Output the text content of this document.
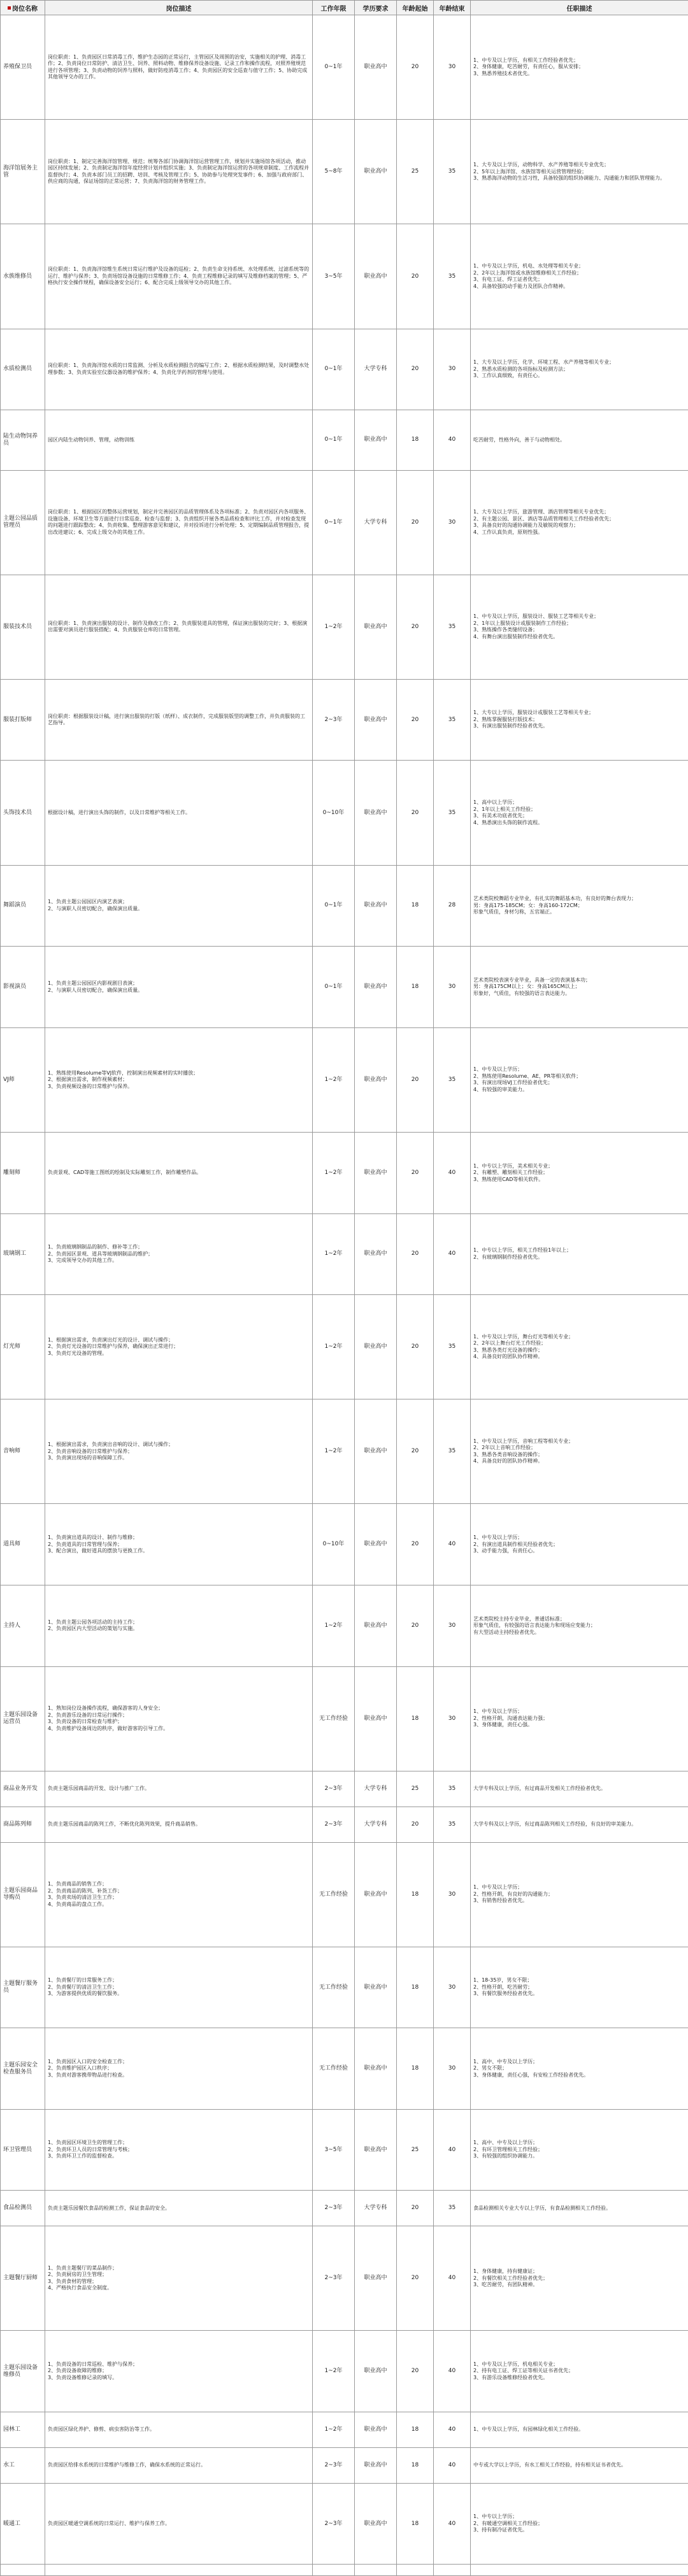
岗位名称	岗位描述	工作年限	学历要求	年龄起始	年龄结束	任职描述
养殖保卫员	岗位职责：1、负责园区日常消毒工作，维护生态园的正常运行，主管园区及周围的治安，实施相关的护理、消毒工作；2、负责岗位日常防护、清洁卫生、饲养、照料动物、维修保养设备设施、记录工作和操作流程，对照养殖规范进行各项管理；3、负责动物的饲养与照料，做好防疫消毒工作；4、负责园区的安全巡查与值守工作；5、协助完成其他领导交办的工作。	0~1年	职业高中	20	30	1、中专及以上学历，有相关工作经验者优先；
2、身体健康，吃苦耐劳，有责任心，服从安排；
3、熟悉养殖技术者优先。
海洋馆展务主管	岗位职责：1、制定完善海洋馆管理、规范；统筹各部门协调海洋馆运营管理工作，规划并实施场馆各项活动，推动园区持续发展；2、负责制定海洋馆年度经营计划并组织实施；3、负责制定海洋馆运营的各项规章制度、工作流程并监督执行；4、负责本部门员工的招聘、培训、考核及管理工作；5、协助参与处理突发事件；6、加强与政府部门、供应商的沟通，保证场馆的正常运营；7、负责海洋馆的财务管理工作。	5~8年	职业高中	25	35	1、大专及以上学历，动物科学、水产养殖等相关专业优先；
2、5年以上海洋馆、水族馆等相关运营管理经验；
3、熟悉海洋动物的生活习性，具备较强的组织协调能力、沟通能力和团队管理能力。
水族维修员	岗位职责：1、负责海洋馆维生系统日常运行维护及设备的巡检；2、负责生命支持系统、水处理系统、过滤系统等的运行、维护与保养；3、负责场馆设备设施的日常维修工作；4、负责工程维修记录的填写及维修档案的管理；5、严格执行安全操作规程，确保设备安全运行；6、配合完成上级领导交办的其他工作。	3~5年	职业高中	20	35	1、中专及以上学历，机电、水处理等相关专业；
2、2年以上海洋馆或水族馆维修相关工作经验；
3、有电工证、焊工证者优先；
4、具备较强的动手能力及团队合作精神。
水质检测员	岗位职责：1、负责海洋馆水质的日常监测、分析及水质检测报告的编写工作；2、根据水质检测结果，及时调整水处理参数；3、负责实验室仪器设备的维护保养；4、负责化学药剂的管理与使用。	0~1年	大学专科	20	30	1、大专及以上学历，化学、环境工程、水产养殖等相关专业；
2、熟悉水质检测的各项指标及检测方法；
3、工作认真细致，有责任心。
陆生动物饲养员	园区内陆生动物饲养、管理，动物训练	0~1年	职业高中	18	40	吃苦耐劳，性格外向，善于与动物相处。
主题公园品质管理员	岗位职责：1、根据园区的整体运营规划，制定并完善园区的品质管理体系及各项标准；2、负责对园区内各项服务、设施设备、环境卫生等方面进行日常巡查、检查与监督；3、负责组织开展各类品质检查和评比工作，并对检查发现的问题进行跟踪整改；4、负责收集、整理游客意见和建议，并对投诉进行分析处理；5、定期编制品质管理报告，提出改进建议；6、完成上级交办的其他工作。	0~1年	大学专科	20	30	1、大专及以上学历，旅游管理、酒店管理等相关专业优先；
2、有主题公园、景区、酒店等品质管理相关工作经验者优先；
3、具备良好的沟通协调能力及敏锐的观察力；
4、工作认真负责，原则性强。
服装技术员	岗位职责：1、负责演出服装的设计、制作及修改工作；2、负责服装道具的管理，保证演出服装的完好；3、根据演出需要对演员进行服装搭配；4、负责服装仓库的日常管理。	1~2年	职业高中	20	35	1、中专及以上学历，服装设计、服装工艺等相关专业；
2、1年以上服装设计或服装制作工作经验；
3、熟练操作各类缝纫设备；
4、有舞台演出服装制作经验者优先。
服装打版师	岗位职责：根据服装设计稿，进行演出服装的打版（纸样）、成衣制作，完成服装版型的调整工作，并负责服装的工艺指导。	2~3年	职业高中	20	35	1、大专以上学历，服装设计或服装工艺等相关专业；
2、熟练掌握服装打版技术；
3、有演出服装制作经验者优先。
头饰技术员	根据设计稿，进行演出头饰的制作，以及日常维护等相关工作。	0~10年	职业高中	20	35	1、高中以上学历；
2、1年以上相关工作经验；
3、有美术功底者优先；
4、熟悉演出头饰的制作流程。
舞蹈演员	1、负责主题公园园区内演艺表演；
2、与演职人员密切配合，确保演出质量。	0~1年	职业高中	18	28	艺术类院校舞蹈专业毕业，有扎实的舞蹈基本功，有良好的舞台表现力；
男：身高175-185CM；女：身高160-172CM；
形象气质佳，身材匀称，五官端正。
影视演员	1、负责主题公园园区内影视剧目表演；
2、与演职人员密切配合，确保演出质量。	0~1年	职业高中	18	30	艺术类院校表演专业毕业，具备一定的表演基本功；
男：身高175CM以上；女：身高165CM以上；
形象好，气质佳，有较强的语言表达能力。
VJ师	1、熟练使用Resolume等VJ软件，控制演出视频素材的实时播放；
2、根据演出需求，制作视频素材；
3、负责视频设备的日常维护与保养。	1~2年	职业高中	20	35	1、中专及以上学历；
2、熟练使用Resolume、AE、PR等相关软件；
3、有演出现场VJ工作经验者优先；
4、有较强的审美能力。
雕刻师	负责景观、CAD等施工图纸的绘制及实际雕刻工作，制作雕塑作品。	1~2年	职业高中	20	40	1、中专以上学历，美术相关专业；
2、有雕塑、雕刻相关工作经验；
3、熟练使用CAD等相关软件。
玻璃钢工	1、负责玻璃钢制品的制作、修补等工作；
2、负责园区景观、道具等玻璃钢制品的维护；
3、完成领导交办的其他工作。	1~2年	职业高中	20	40	1、中专以上学历，相关工作经验1年以上；
2、有玻璃钢制作经验者优先。
灯光师	1、根据演出需求，负责演出灯光的设计、调试与操作；
2、负责灯光设备的日常维护与保养，确保演出正常进行；
3、负责灯光设备的管理。	1~2年	职业高中	20	35	1、中专及以上学历，舞台灯光等相关专业；
2、2年以上舞台灯光工作经验；
3、熟悉各类灯光设备的操作；
4、具备良好的团队协作精神。
音响师	1、根据演出需求，负责演出音响的设计、调试与操作；
2、负责音响设备的日常维护与保养；
3、负责演出现场的音响保障工作。	1~2年	职业高中	20	35	1、中专及以上学历，音响工程等相关专业；
2、2年以上音响工作经验；
3、熟悉各类音响设备的操作；
4、具备良好的团队协作精神。
道具师	1、负责演出道具的设计、制作与维修；
2、负责道具的日常管理与保养；
3、配合演出，做好道具的摆放与更换工作。	0~10年	职业高中	20	40	1、中专及以上学历；
2、有演出道具制作相关经验者优先；
3、动手能力强，有责任心。
主持人	1、负责主题公园各项活动的主持工作；
2、负责园区内大型活动的策划与实施。	1~2年	职业高中	20	30	艺术类院校主持专业毕业，普通话标准；
形象气质佳，有较强的语言表达能力和现场应变能力；
有大型活动主持经验者优先。
主题乐园设备运营员	1、熟知岗位设备操作流程，确保游客的人身安全；
2、负责游乐设备的日常运行操作；
3、负责设备的日常检查与维护；
4、负责维护设备周边的秩序，做好游客的引导工作。	无工作经验	职业高中	18	30	1、中专及以上学历；
2、性格开朗，沟通表达能力强；
3、身体健康，责任心强。
商品业务开发	负责主题乐园商品的开发、设计与推广工作。	2~3年	大学专科	25	35	大学专科及以上学历，有过商品开发相关工作经验者优先。
商品陈列师	负责主题乐园商品的陈列工作，不断优化陈列效果，提升商品销售。	2~3年	大学专科	20	35	大学专科及以上学历，有过商品陈列相关工作经验，有良好的审美能力。
主题乐园商品导购员	1、负责商品的销售工作；
2、负责商品的陈列、补货工作；
3、负责卖场的清洁卫生工作；
4、负责商品的盘点工作。	无工作经验	职业高中	18	30	1、中专及以上学历；
2、性格开朗，有良好的沟通能力；
3、有销售经验者优先。
主题餐厅服务员	1、负责餐厅的日常服务工作；
2、负责餐厅的清洁卫生工作；
3、为游客提供优质的餐饮服务。	无工作经验	职业高中	18	30	1、18-35岁，男女不限；
2、性格开朗，吃苦耐劳；
3、有餐饮服务经验者优先。
主题乐园安全检查服务员	1、负责园区入口的安全检查工作；
2、负责维护园区入口秩序；
3、负责对游客携带物品进行检查。	无工作经验	职业高中	18	30	1、高中、中专及以上学历；
2、男女不限；
3、身体健康，责任心强，有安检工作经验者优先。
环卫管理员	1、负责园区环境卫生的管理工作；
2、负责环卫人员的日常管理与考核；
3、负责环卫工作的监督检查。	3~5年	职业高中	25	40	1、高中、中专及以上学历；
2、有环卫管理相关工作经验；
3、有较强的组织协调能力。
食品检测员	负责主题乐园餐饮食品的检测工作，保证食品的安全。	2~3年	大学专科	20	35	食品检测相关专业大专以上学历，有食品检测相关工作经验。
主题餐厅厨师	1、负责主题餐厅的菜品制作；
2、负责厨房的卫生管理；
3、负责食材的管理；
4、严格执行食品安全制度。	2~3年	职业高中	20	40	1、身体健康，持有健康证；
2、有餐饮相关工作经验者优先；
3、吃苦耐劳，有团队精神。
主题乐园设备维修员	1、负责设备的日常巡检、维护与保养；
2、负责设备故障的维修；
3、负责设备维修记录的填写。	1~2年	职业高中	20	40	1、中专及以上学历，机电相关专业；
2、持有电工证、焊工证等相关证书者优先；
3、有游乐设备维修经验者优先。
园林工	负责园区绿化养护、修剪、病虫害防治等工作。	1~2年	职业高中	18	40	1、中专及以上学历，有园林绿化相关工作经验。
水工	负责园区给排水系统的日常维护与维修工作，确保水系统的正常运行。	2~3年	职业高中	18	40	中专或大学以上学历，有水工相关工作经验，持有相关证书者优先。
暖通工	负责园区暖通空调系统的日常运行、维护与保养工作。	2~3年	职业高中	18	40	1、中专以上学历；
2、有暖通空调相关工作经验；
3、持有制冷证者优先。
